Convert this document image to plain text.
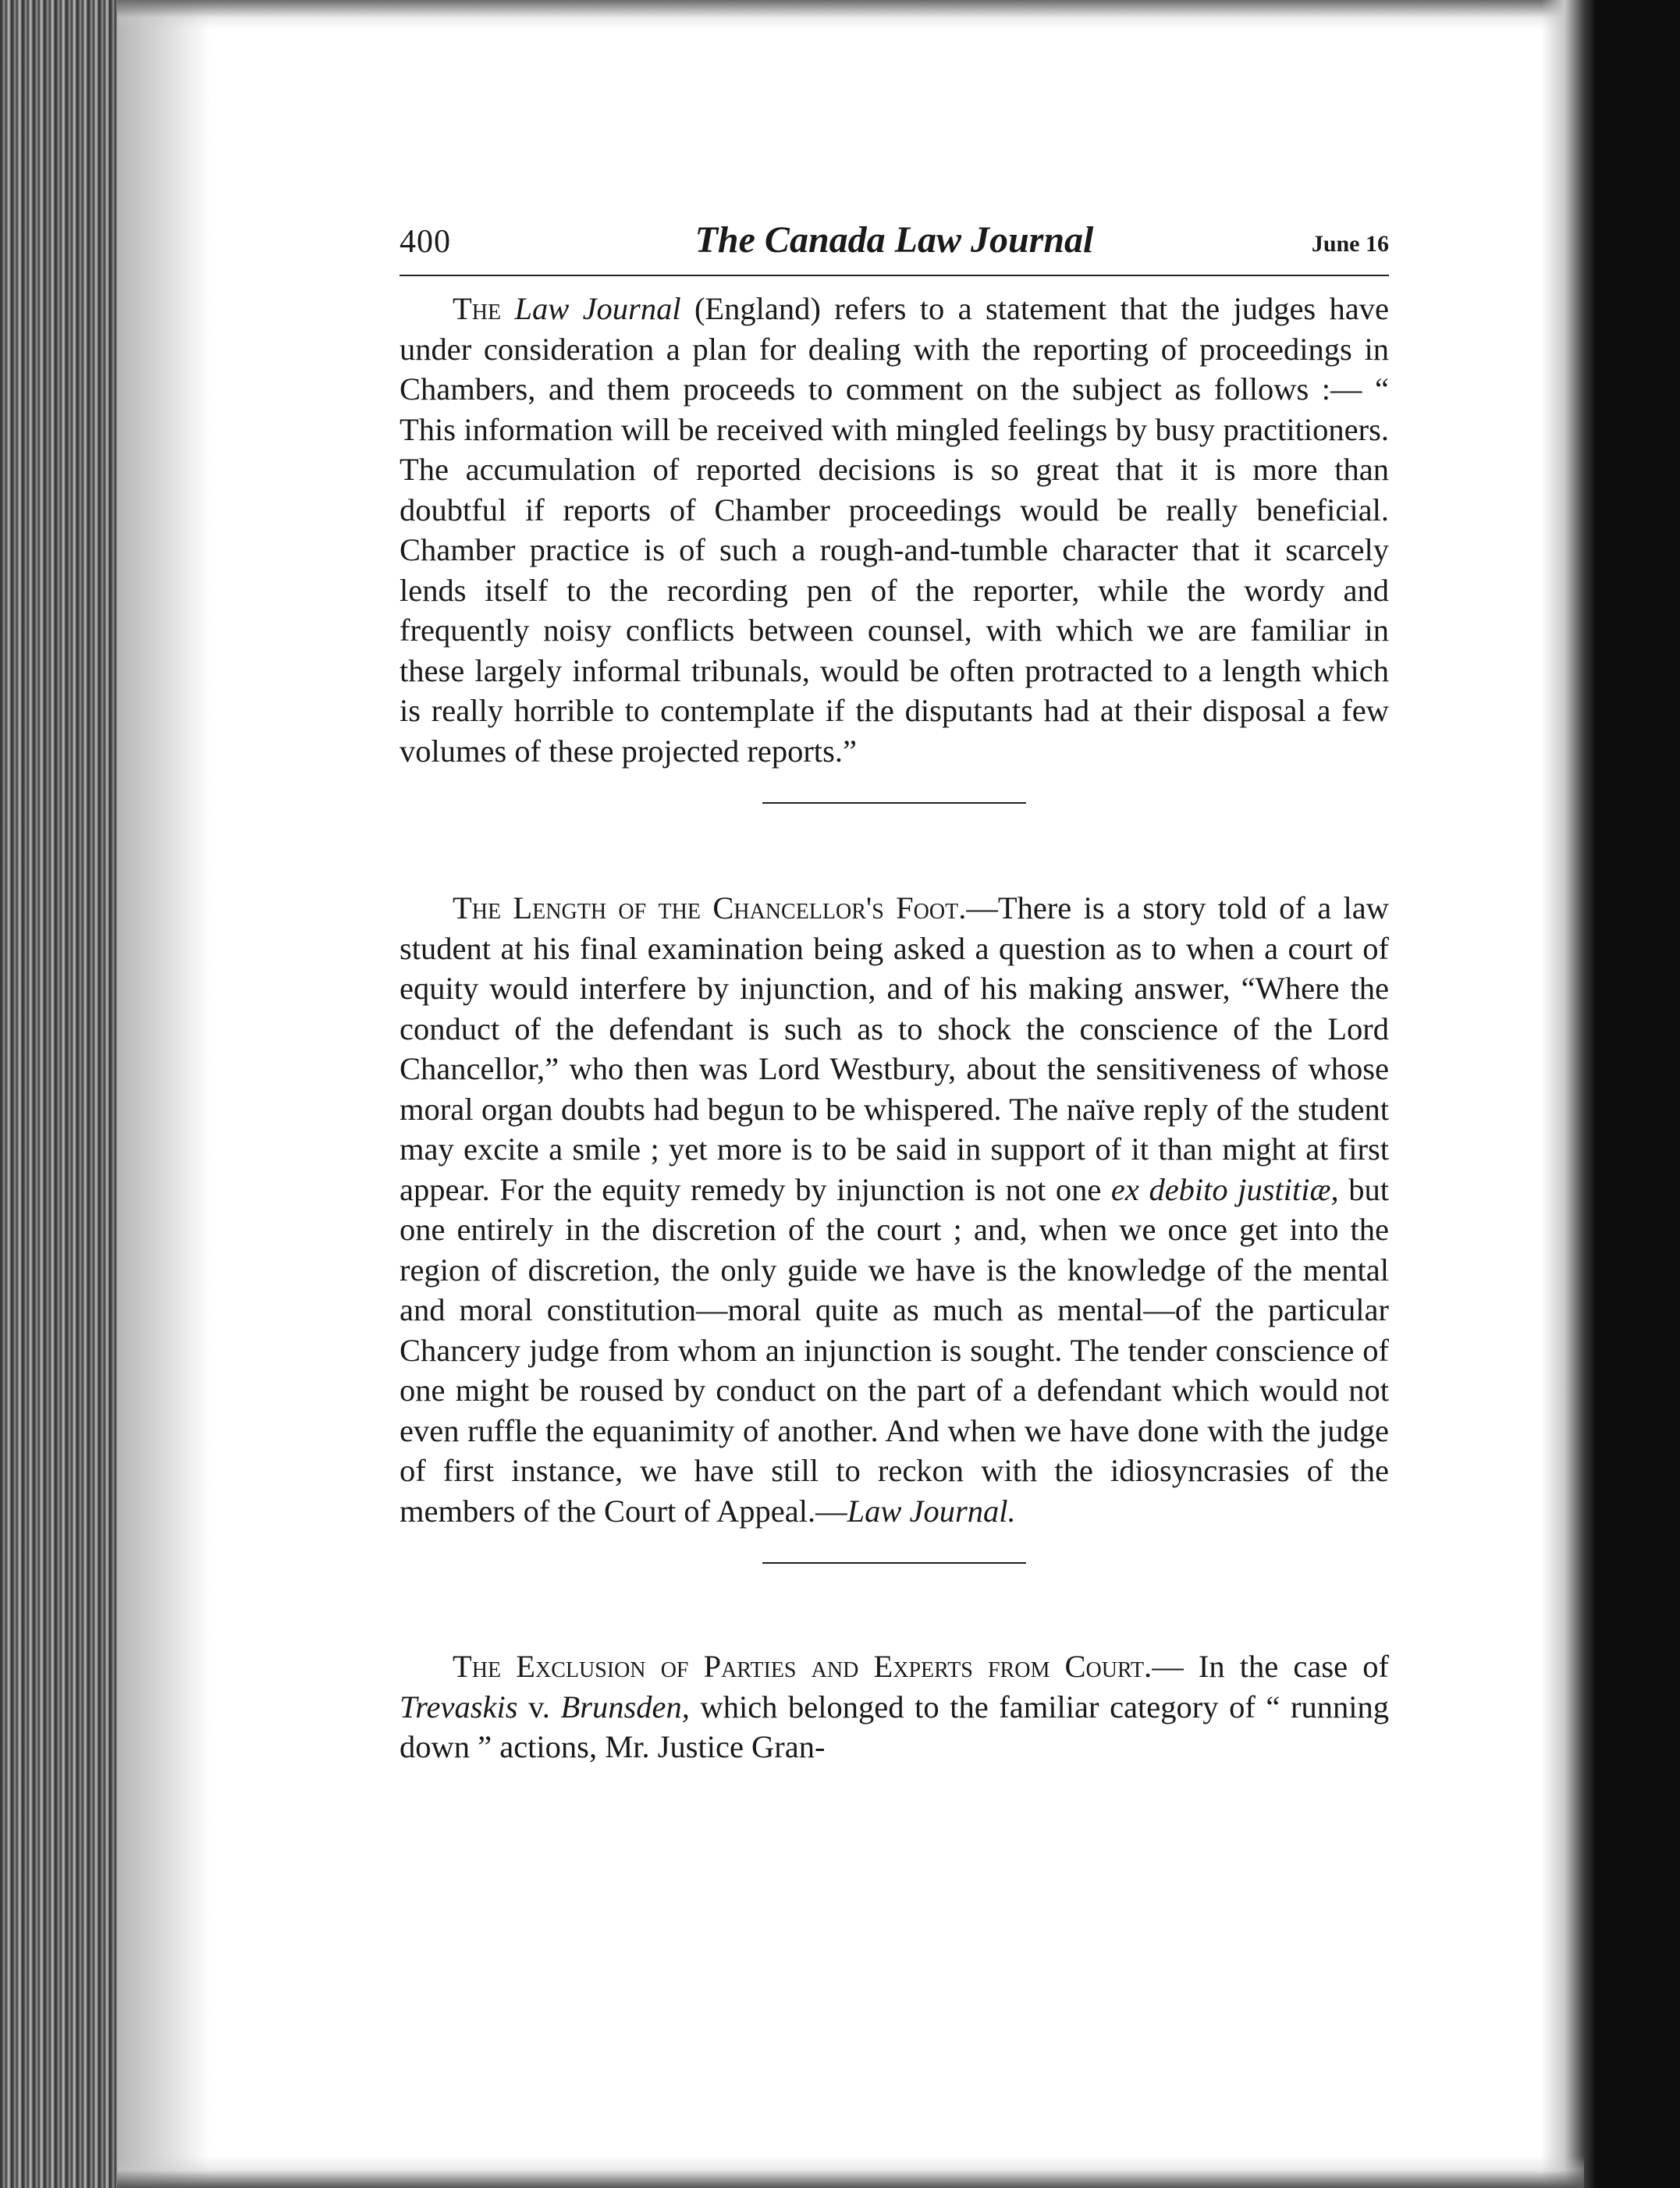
400	The Canada Law Journal	June 16

The Law Journal (England) refers to a statement that the judges have under consideration a plan for dealing with the reporting of proceedings in Chambers, and them proceeds to comment on the subject as follows :— “ This information will be received with mingled feelings by busy practitioners. The accumulation of reported decisions is so great that it is more than doubtful if reports of Chamber proceedings would be really beneficial. Chamber practice is of such a rough-and-tumble character that it scarcely lends itself to the recording pen of the reporter, while the wordy and frequently noisy conflicts between counsel, with which we are familiar in these largely informal tribunals, would be often protracted to a length which is really horrible to contemplate if the disputants had at their disposal a few volumes of these projected reports.”

The Length of the Chancellor's Foot.—There is a story told of a law student at his final examination being asked a question as to when a court of equity would interfere by injunction, and of his making answer, “Where the conduct of the defendant is such as to shock the conscience of the Lord Chancellor,” who then was Lord Westbury, about the sensitiveness of whose moral organ doubts had begun to be whispered. The naïve reply of the student may excite a smile ; yet more is to be said in support of it than might at first appear. For the equity remedy by injunction is not one ex debito justitiæ, but one entirely in the discretion of the court ; and, when we once get into the region of discretion, the only guide we have is the knowledge of the mental and moral constitution—moral quite as much as mental—of the particular Chancery judge from whom an injunction is sought. The tender conscience of one might be roused by conduct on the part of a defendant which would not even ruffle the equanimity of another. And when we have done with the judge of first instance, we have still to reckon with the idiosyncrasies of the members of the Court of Appeal.—Law Journal.

The Exclusion of Parties and Experts from Court.— In the case of Trevaskis v. Brunsden, which belonged to the familiar category of “ running down ” actions, Mr. Justice Gran-
